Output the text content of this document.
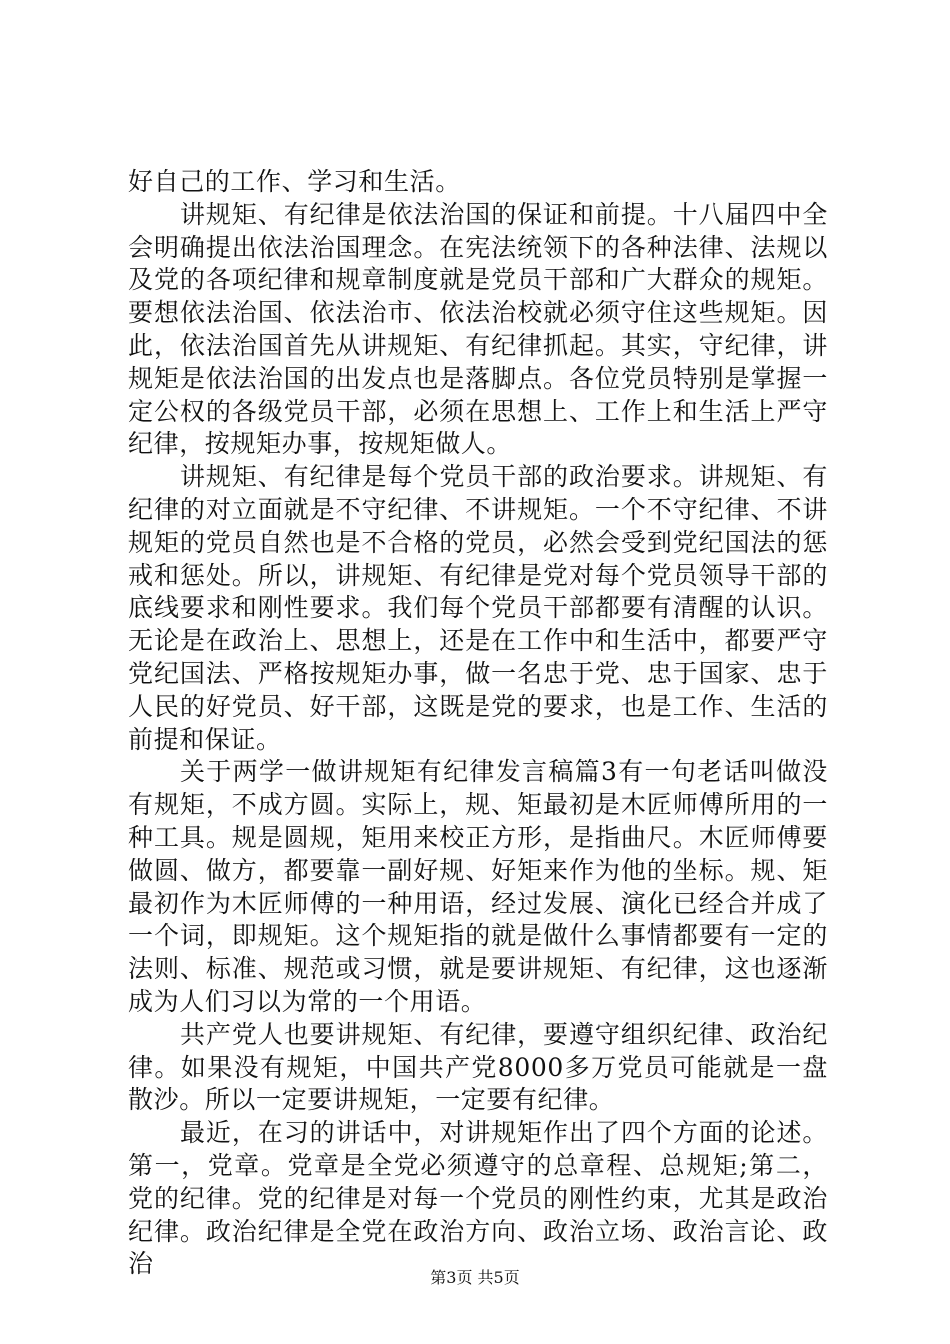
好自己的工作、学习和生活。

讲规矩、有纪律是依法治国的保证和前提。十八届四中全会明确提出依法治国理念。在宪法统领下的各种法律、法规以及党的各项纪律和规章制度就是党员干部和广大群众的规矩。要想依法治国、依法治市、依法治校就必须守住这些规矩。因此，依法治国首先从讲规矩、有纪律抓起。其实，守纪律，讲规矩是依法治国的出发点也是落脚点。各位党员特别是掌握一定公权的各级党员干部，必须在思想上、工作上和生活上严守纪律，按规矩办事，按规矩做人。

讲规矩、有纪律是每个党员干部的政治要求。讲规矩、有纪律的对立面就是不守纪律、不讲规矩。一个不守纪律、不讲规矩的党员自然也是不合格的党员，必然会受到党纪国法的惩戒和惩处。所以，讲规矩、有纪律是党对每个党员领导干部的底线要求和刚性要求。我们每个党员干部都要有清醒的认识。无论是在政治上、思想上，还是在工作中和生活中，都要严守党纪国法、严格按规矩办事，做一名忠于党、忠于国家、忠于人民的好党员、好干部，这既是党的要求，也是工作、生活的前提和保证。

关于两学一做讲规矩有纪律发言稿篇3有一句老话叫做没有规矩，不成方圆。实际上，规、矩最初是木匠师傅所用的一种工具。规是圆规，矩用来校正方形，是指曲尺。木匠师傅要做圆、做方，都要靠一副好规、好矩来作为他的坐标。规、矩最初作为木匠师傅的一种用语，经过发展、演化已经合并成了一个词，即规矩。这个规矩指的就是做什么事情都要有一定的法则、标准、规范或习惯，就是要讲规矩、有纪律，这也逐渐成为人们习以为常的一个用语。

共产党人也要讲规矩、有纪律，要遵守组织纪律、政治纪律。如果没有规矩，中国共产党8000多万党员可能就是一盘散沙。所以一定要讲规矩，一定要有纪律。

最近，在习的讲话中，对讲规矩作出了四个方面的论述。第一，党章。党章是全党必须遵守的总章程、总规矩;第二，党的纪律。党的纪律是对每一个党员的刚性约束，尤其是政治纪律。政治纪律是全党在政治方向、政治立场、政治言论、政治	第3页 共5页
